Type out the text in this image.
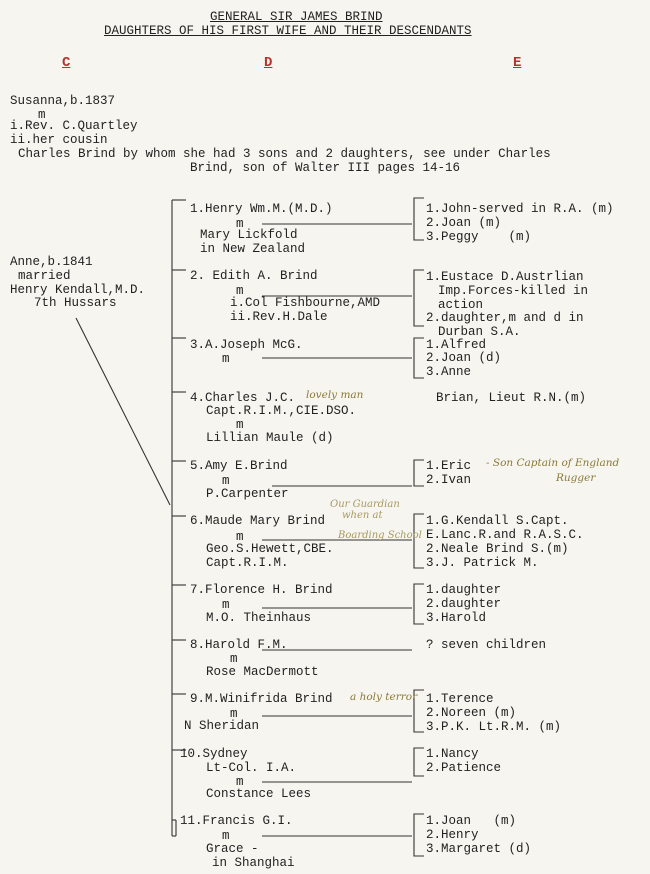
GENERAL SIR JAMES BRIND
DAUGHTERS OF HIS FIRST WIFE AND THEIR DESCENDANTS
C	D	E
Susanna,b.1837
m
i.Rev. C.Quartley
ii.her cousin
Charles Brind by whom she had 3 sons and 2 daughters, see under Charles
Brind, son of Walter III pages 14-16
Anne,b.1841
married
Henry Kendall,M.D.
7th Hussars
1.Henry Wm.M.(M.D.)
m
Mary Lickfold
in New Zealand
1.John-served in R.A. (m)
2.Joan (m)
3.Peggy    (m)
2. Edith A. Brind
m
i.Col Fishbourne,AMD
ii.Rev.H.Dale
1.Eustace D.Austrlian
Imp.Forces-killed in
action
2.daughter,m and d in
Durban S.A.
3.A.Joseph McG.
m
1.Alfred
2.Joan (d)
3.Anne
4.Charles J.C. lovely man
Capt.R.I.M.,CIE.DSO.
m
Lillian Maule (d)
Brian, Lieut R.N.(m)
5.Amy E.Brind
m
P.Carpenter
1.Eric
2.Ivan
- Son Captain of England
Rugger
6.Maude Mary Brind
Our Guardian
when at
Boarding School
m
Geo.S.Hewett,CBE.
Capt.R.I.M.
1.G.Kendall S.Capt.
E.Lanc.R.and R.A.S.C.
2.Neale Brind S.(m)
3.J. Patrick M.
7.Florence H. Brind
m
M.O. Theinhaus
1.daughter
2.daughter
3.Harold
8.Harold F.M.
m
Rose MacDermott
? seven children
9.M.Winifrida Brind a holy terror
m
N Sheridan
1.Terence
2.Noreen (m)
3.P.K. Lt.R.M. (m)
10.Sydney
Lt-Col. I.A.
m
Constance Lees
1.Nancy
2.Patience
11.Francis G.I.
m
Grace -
in Shanghai
1.Joan   (m)
2.Henry
3.Margaret (d)
